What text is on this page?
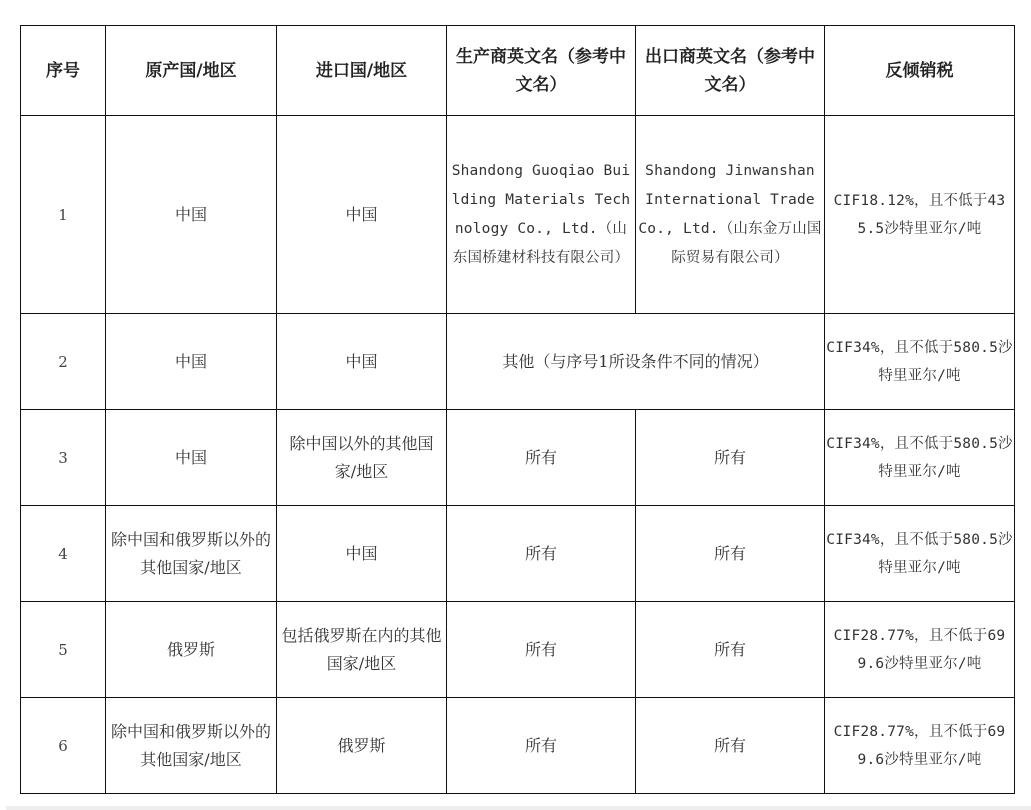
序号	原产国/地区	进口国/地区	生产商英文名（参考中文名）	出口商英文名（参考中文名）	反倾销税
1	中国	中国	Shandong Guoqiao Building Materials Technology Co., Ltd.（山东国桥建材科技有限公司）	Shandong Jinwanshan International Trade Co., Ltd.（山东金万山国际贸易有限公司）	CIF18.12%，且不低于435.5沙特里亚尔/吨
2	中国	中国	其他（与序号1所设条件不同的情况）		CIF34%，且不低于580.5沙特里亚尔/吨
3	中国	除中国以外的其他国家/地区	所有	所有	CIF34%，且不低于580.5沙特里亚尔/吨
4	除中国和俄罗斯以外的其他国家/地区	中国	所有	所有	CIF34%，且不低于580.5沙特里亚尔/吨
5	俄罗斯	包括俄罗斯在内的其他国家/地区	所有	所有	CIF28.77%，且不低于699.6沙特里亚尔/吨
6	除中国和俄罗斯以外的其他国家/地区	俄罗斯	所有	所有	CIF28.77%，且不低于699.6沙特里亚尔/吨
